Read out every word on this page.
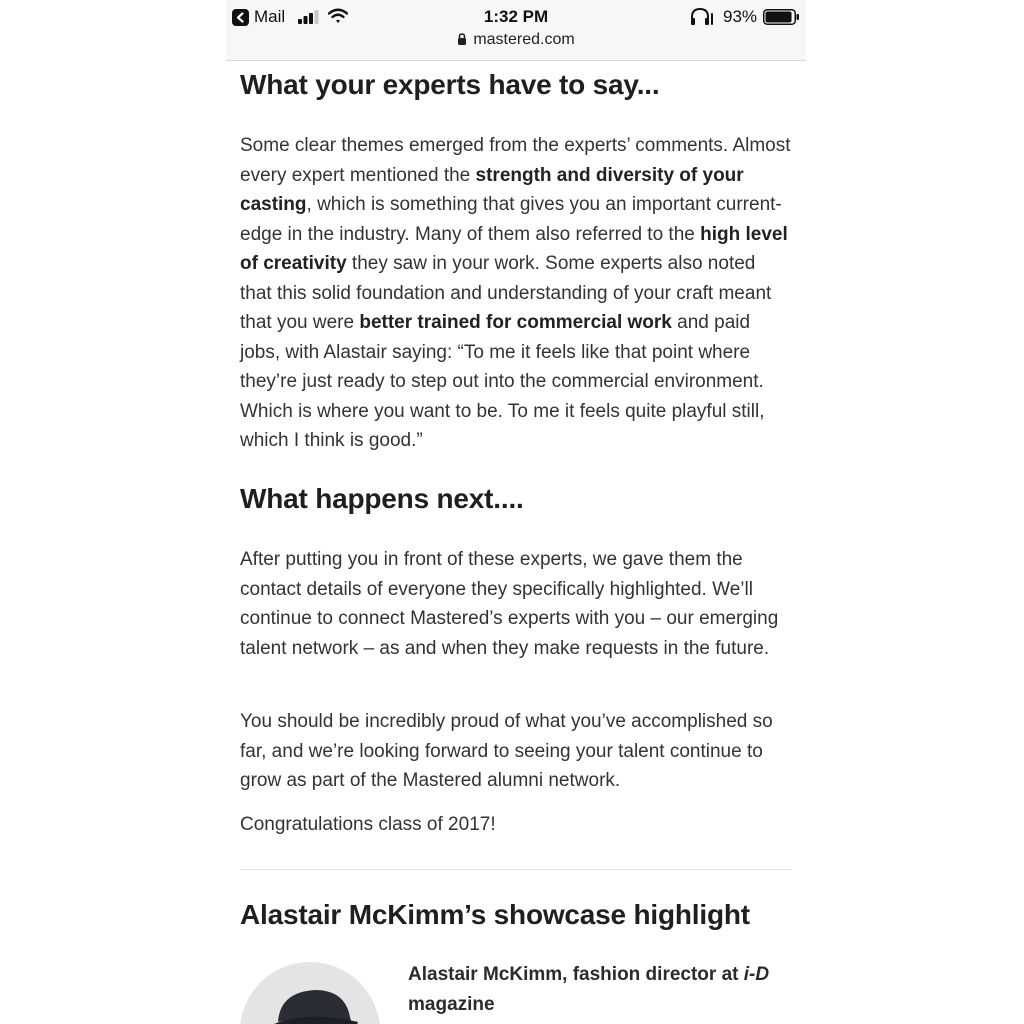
Mail	1:32 PM	93%
mastered.com
What your experts have to say...

Some clear themes emerged from the experts’ comments. Almost every expert mentioned the strength and diversity of your casting, which is something that gives you an important current-edge in the industry. Many of them also referred to the high level of creativity they saw in your work. Some experts also noted that this solid foundation and understanding of your craft meant that you were better trained for commercial work and paid jobs, with Alastair saying: “To me it feels like that point where they’re just ready to step out into the commercial environment. Which is where you want to be. To me it feels quite playful still, which I think is good.”

What happens next....

After putting you in front of these experts, we gave them the contact details of everyone they specifically highlighted. We’ll continue to connect Mastered’s experts with you – our emerging talent network – as and when they make requests in the future.

You should be incredibly proud of what you’ve accomplished so far, and we’re looking forward to seeing your talent continue to grow as part of the Mastered alumni network.

Congratulations class of 2017!

Alastair McKimm’s showcase highlight
Alastair McKimm, fashion director at i-D magazine
